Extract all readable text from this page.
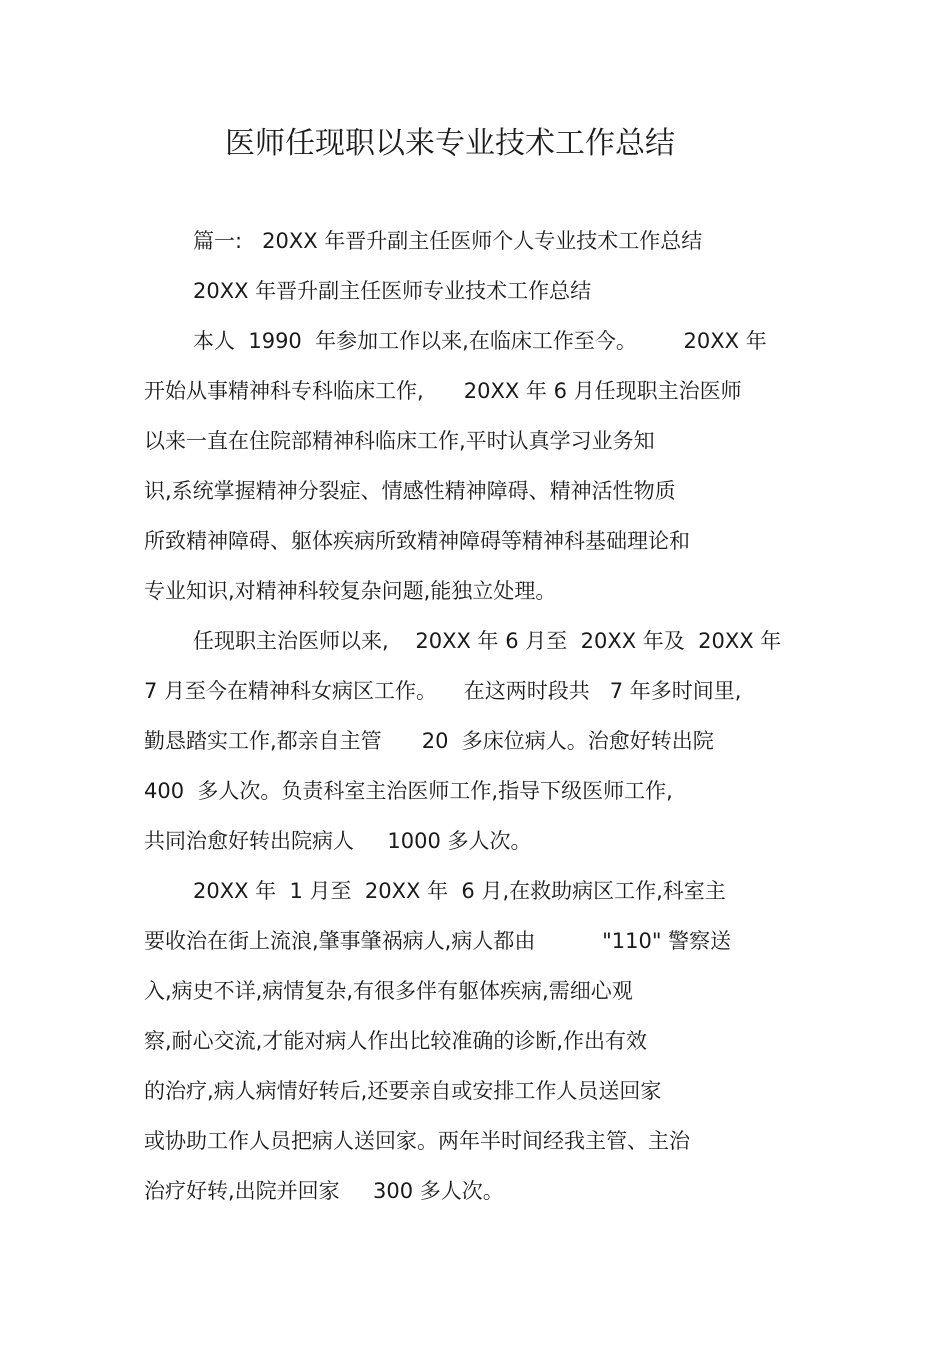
医师任现职以来专业技术工作总结
篇一:   20XX 年晋升副主任医师个人专业技术工作总结
20XX 年晋升副主任医师专业技术工作总结
本人  1990  年参加工作以来,在临床工作至今。       20XX 年
开始从事精神科专科临床工作,      20XX 年 6 月任现职主治医师
以来一直在住院部精神科临床工作,平时认真学习业务知
识,系统掌握精神分裂症、情感性精神障碍、精神活性物质
所致精神障碍、躯体疾病所致精神障碍等精神科基础理论和
专业知识,对精神科较复杂问题,能独立处理。
任现职主治医师以来,    20XX 年 6 月至  20XX 年及  20XX 年
7 月至今在精神科女病区工作。    在这两时段共   7 年多时间里,
勤恳踏实工作,都亲自主管      20  多床位病人。治愈好转出院
400  多人次。负责科室主治医师工作,指导下级医师工作,
共同治愈好转出院病人     1000 多人次。
20XX 年  1 月至  20XX 年  6 月,在救助病区工作,科室主
要收治在街上流浪,肇事肇祸病人,病人都由          "110" 警察送
入,病史不详,病情复杂,有很多伴有躯体疾病,需细心观
察,耐心交流,才能对病人作出比较准确的诊断,作出有效
的治疗,病人病情好转后,还要亲自或安排工作人员送回家
或协助工作人员把病人送回家。两年半时间经我主管、主治
治疗好转,出院并回家     300 多人次。
